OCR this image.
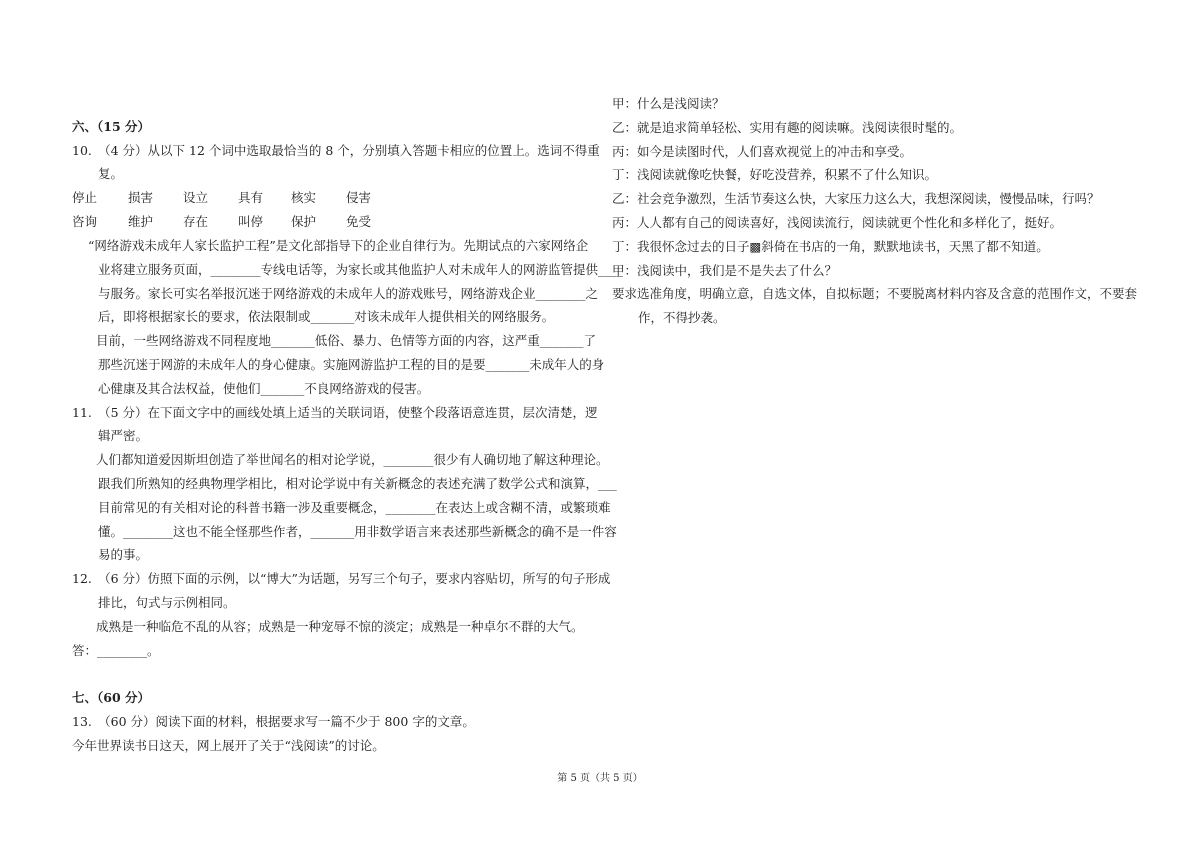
六、（15 分）
10.　（4 分）从以下 12 个词中选取最恰当的 8 个，分别填入答题卡相应的位置上。选词不得重
复。
停止 损害 设立 具有 核实 侵害
咨询 维护 存在 叫停 保护 免受
“网络游戏未成年人家长监护工程”是文化部指导下的企业自律行为。先期试点的六家网络企
业将建立服务页面，________专线电话等，为家长或其他监护人对未成年人的网游监管提供____
与服务。家长可实名举报沉迷于网络游戏的未成年人的游戏账号，网络游戏企业________之
后，即将根据家长的要求，依法限制或_______对该未成年人提供相关的网络服务。
目前，一些网络游戏不同程度地_______低俗、暴力、色情等方面的内容，这严重_______了
那些沉迷于网游的未成年人的身心健康。实施网游监护工程的目的是要_______未成年人的身
心健康及其合法权益，使他们_______不良网络游戏的侵害。
11.　（5 分）在下面文字中的画线处填上适当的关联词语，使整个段落语意连贯，层次清楚，逻
辑严密。
人们都知道爱因斯坦创造了举世闻名的相对论学说，________很少有人确切地了解这种理论。
跟我们所熟知的经典物理学相比，相对论学说中有关新概念的表述充满了数学公式和演算，___
目前常见的有关相对论的科普书籍一涉及重要概念，________在表达上或含糊不清，或繁琐难
懂。________这也不能全怪那些作者，_______用非数学语言来表述那些新概念的确不是一件容
易的事。
12.　（6 分）仿照下面的示例，以“博大”为话题，另写三个句子，要求内容贴切，所写的句子形成
排比，句式与示例相同。
成熟是一种临危不乱的从容；成熟是一种宠辱不惊的淡定；成熟是一种卓尔不群的大气。
答：________。
七、（60 分）
13.　（60 分）阅读下面的材料，根据要求写一篇不少于 800 字的文章。
今年世界读书日这天，网上展开了关于“浅阅读”的讨论。
甲：什么是浅阅读？
乙：就是追求简单轻松、实用有趣的阅读嘛。浅阅读很时髦的。
丙：如今是读图时代，人们喜欢视觉上的冲击和享受。
丁：浅阅读就像吃快餐，好吃没营养，积累不了什么知识。
乙：社会竞争激烈，生活节奏这么快，大家压力这么大，我想深阅读，慢慢品味，行吗？
丙：人人都有自己的阅读喜好，浅阅读流行，阅读就更个性化和多样化了，挺好。
丁：我很怀念过去的日子▩斜倚在书店的一角，默默地读书，天黑了都不知道。
甲：浅阅读中，我们是不是失去了什么？
要求选准角度，明确立意，自选文体，自拟标题；不要脱离材料内容及含意的范围作文，不要套
作，不得抄袭。
第 5 页（共 5 页）
